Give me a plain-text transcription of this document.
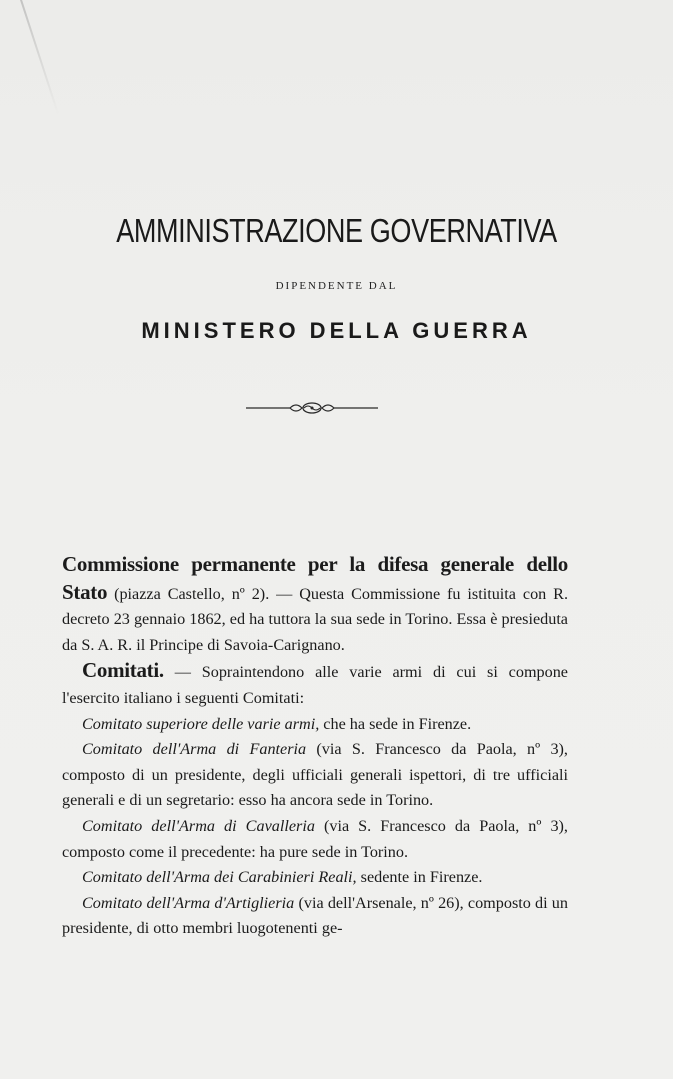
AMMINISTRAZIONE GOVERNATIVA
DIPENDENTE DAL
MINISTERO DELLA GUERRA

Commissione permanente per la difesa generale dello Stato (piazza Castello, nº 2). — Questa Commissione fu istituita con R. decreto 23 gennaio 1862, ed ha tuttora la sua sede in Torino. Essa è presieduta da S. A. R. il Principe di Savoia-Carignano.

Comitati. — Sopraintendono alle varie armi di cui si compone l'esercito italiano i seguenti Comitati:

Comitato superiore delle varie armi, che ha sede in Firenze.

Comitato dell'Arma di Fanteria (via S. Francesco da Paola, nº 3), composto di un presidente, degli ufficiali generali ispettori, di tre ufficiali generali e di un segretario: esso ha ancora sede in Torino.

Comitato dell'Arma di Cavalleria (via S. Francesco da Paola, nº 3), composto come il precedente: ha pure sede in Torino.

Comitato dell'Arma dei Carabinieri Reali, sedente in Firenze.

Comitato dell'Arma d'Artiglieria (via dell'Arsenale, nº 26), composto di un presidente, di otto membri luogotenenti ge-
